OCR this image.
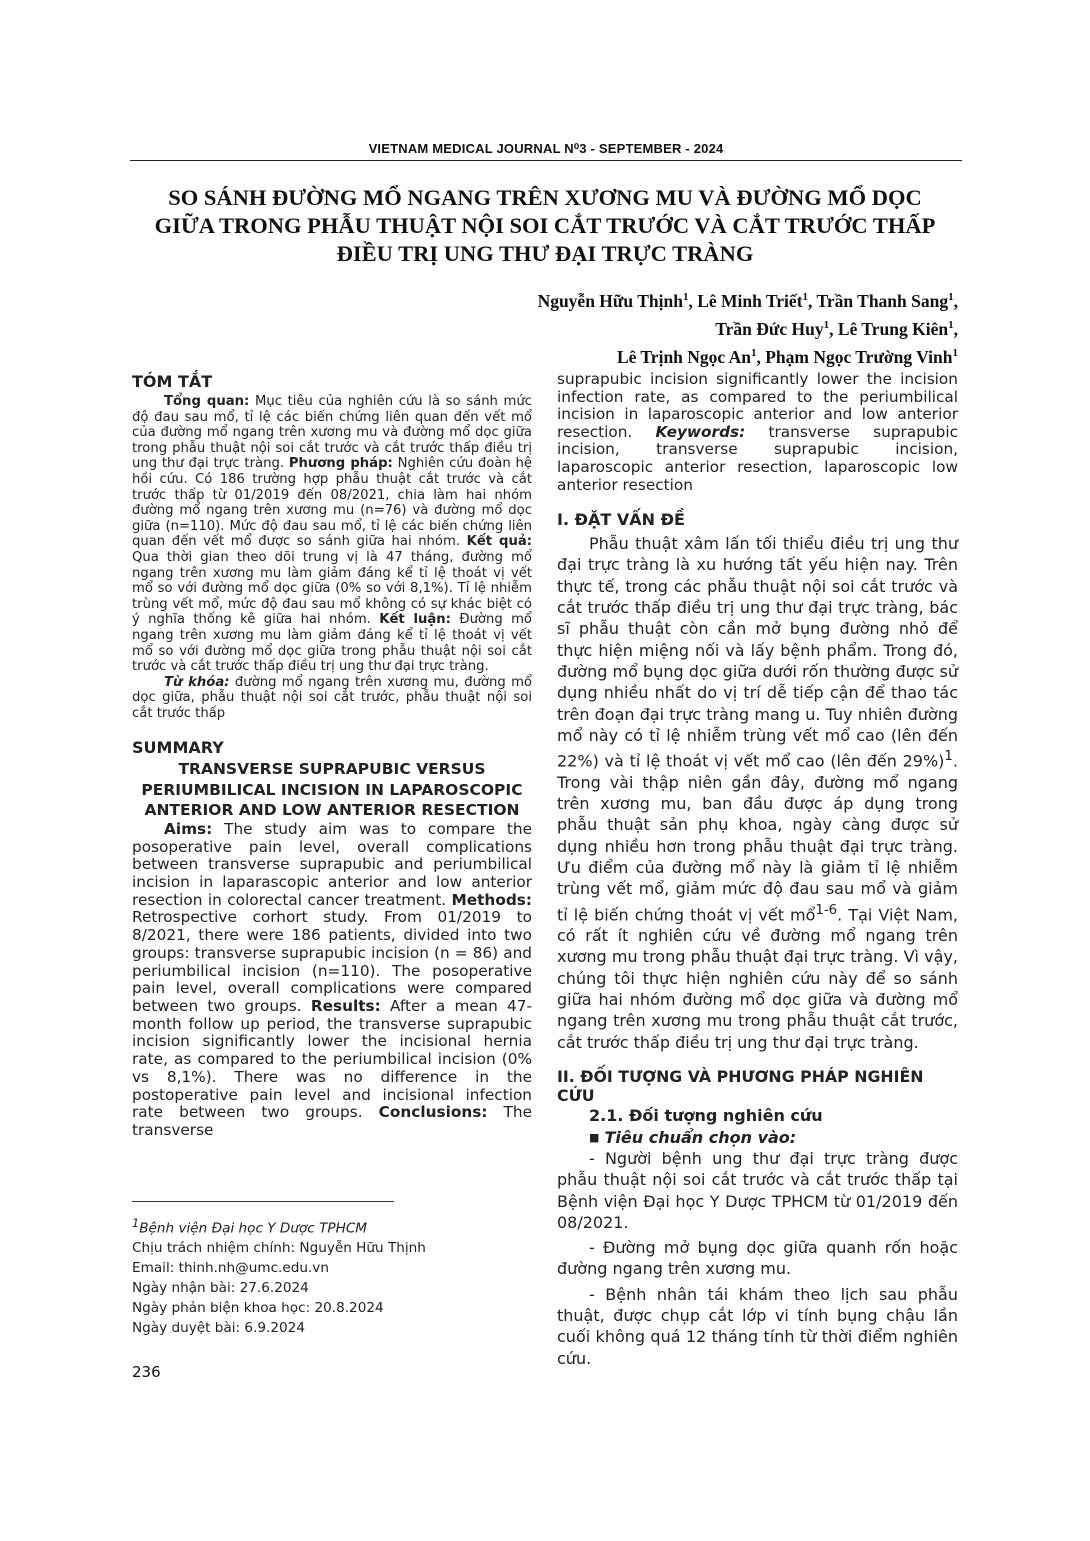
VIETNAM MEDICAL JOURNAL N⁰3 - SEPTEMBER - 2024
SO SÁNH ĐƯỜNG MỔ NGANG TRÊN XƯƠNG MU VÀ ĐƯỜNG MỔ DỌC GIỮA TRONG PHẪU THUẬT NỘI SOI CẮT TRƯỚC VÀ CẮT TRƯỚC THẤP ĐIỀU TRỊ UNG THƯ ĐẠI TRỰC TRÀNG
Nguyễn Hữu Thịnh$^1$, Lê Minh Triết$^1$, Trần Thanh Sang$^1$,
Trần Đức Huy$^1$, Lê Trung Kiên$^1$,
Lê Trịnh Ngọc An$^1$, Phạm Ngọc Trường Vinh$^1$
TÓM TẮT

Tổng quan: Mục tiêu của nghiên cứu là so sánh mức độ đau sau mổ, tỉ lệ các biến chứng liên quan đến vết mổ của đường mổ ngang trên xương mu và đường mổ dọc giữa trong phẫu thuật nội soi cắt trước và cắt trước thấp điều trị ung thư đại trực tràng. Phương pháp: Nghiên cứu đoàn hệ hồi cứu. Có 186 trường hợp phẫu thuật cắt trước và cắt trước thấp từ 01/2019 đến 08/2021, chia làm hai nhóm đường mổ ngang trên xương mu (n=76) và đường mổ dọc giữa (n=110). Mức độ đau sau mổ, tỉ lệ các biến chứng liên quan đến vết mổ được so sánh giữa hai nhóm. Kết quả: Qua thời gian theo dõi trung vị là 47 tháng, đường mổ ngang trên xương mu làm giảm đáng kể tỉ lệ thoát vị vết mổ so với đường mổ dọc giữa (0% so với 8,1%). Tỉ lệ nhiễm trùng vết mổ, mức độ đau sau mổ không có sự khác biệt có ý nghĩa thống kê giữa hai nhóm. Kết luận: Đường mổ ngang trên xương mu làm giảm đáng kể tỉ lệ thoát vị vết mổ so với đường mổ dọc giữa trong phẫu thuật nội soi cắt trước và cắt trước thấp điều trị ung thư đại trực tràng.

Từ khóa: đường mổ ngang trên xương mu, đường mổ dọc giữa, phẫu thuật nội soi cắt trước, phẫu thuật nội soi cắt trước thấp

SUMMARY

TRANSVERSE SUPRAPUBIC VERSUS PERIUMBILICAL INCISION IN LAPAROSCOPIC ANTERIOR AND LOW ANTERIOR RESECTION

Aims: The study aim was to compare the posoperative pain level, overall complications between transverse suprapubic and periumbilical incision in laparascopic anterior and low anterior resection in colorectal cancer treatment. Methods: Retrospective corhort study. From 01/2019 to 8/2021, there were 186 patients, divided into two groups: transverse suprapubic incision (n = 86) and periumbilical incision (n=110). The posoperative pain level, overall complications were compared between two groups. Results: After a mean 47-month follow up period, the transverse suprapubic incision significantly lower the incisional hernia rate, as compared to the periumbilical incision (0% vs 8,1%). There was no difference in the postoperative pain level and incisional infection rate between two groups. Conclusions: The transverse

$^1$Bệnh viện Đại học Y Dược TPHCM
Chịu trách nhiệm chính: Nguyễn Hữu Thịnh
Email: thinh.nh@umc.edu.vn
Ngày nhận bài: 27.6.2024
Ngày phản biện khoa học: 20.8.2024
Ngày duyệt bài: 6.9.2024
236

suprapubic incision significantly lower the incision infection rate, as compared to the periumbilical incision in laparoscopic anterior and low anterior resection. Keywords: transverse suprapubic incision, transverse suprapubic incision, laparoscopic anterior resection, laparoscopic low anterior resection

I. ĐẶT VẤN ĐỀ

Phẫu thuật xâm lấn tối thiểu điều trị ung thư đại trực tràng là xu hướng tất yếu hiện nay. Trên thực tế, trong các phẫu thuật nội soi cắt trước và cắt trước thấp điều trị ung thư đại trực tràng, bác sĩ phẫu thuật còn cần mở bụng đường nhỏ để thực hiện miệng nối và lấy bệnh phẩm. Trong đó, đường mổ bụng dọc giữa dưới rốn thường được sử dụng nhiều nhất do vị trí dễ tiếp cận để thao tác trên đoạn đại trực tràng mang u. Tuy nhiên đường mổ này có tỉ lệ nhiễm trùng vết mổ cao (lên đến 22%) và tỉ lệ thoát vị vết mổ cao (lên đến 29%)$^1$. Trong vài thập niên gần đây, đường mổ ngang trên xương mu, ban đầu được áp dụng trong phẫu thuật sản phụ khoa, ngày càng được sử dụng nhiều hơn trong phẫu thuật đại trực tràng. Ưu điểm của đường mổ này là giảm tỉ lệ nhiễm trùng vết mổ, giảm mức độ đau sau mổ và giảm tỉ lệ biến chứng thoát vị vết mổ$^{1-6}$. Tại Việt Nam, có rất ít nghiên cứu về đường mổ ngang trên xương mu trong phẫu thuật đại trực tràng. Vì vậy, chúng tôi thực hiện nghiên cứu này để so sánh giữa hai nhóm đường mổ dọc giữa và đường mổ ngang trên xương mu trong phẫu thuật cắt trước, cắt trước thấp điều trị ung thư đại trực tràng.

II. ĐỐI TƯỢNG VÀ PHƯƠNG PHÁP NGHIÊN CỨU
2.1. Đối tượng nghiên cứu
■ Tiêu chuẩn chọn vào:

- Người bệnh ung thư đại trực tràng được phẫu thuật nội soi cắt trước và cắt trước thấp tại Bệnh viện Đại học Y Dược TPHCM từ 01/2019 đến 08/2021.

- Đường mở bụng dọc giữa quanh rốn hoặc đường ngang trên xương mu.

- Bệnh nhân tái khám theo lịch sau phẫu thuật, được chụp cắt lớp vi tính bụng chậu lần cuối không quá 12 tháng tính từ thời điểm nghiên cứu.
